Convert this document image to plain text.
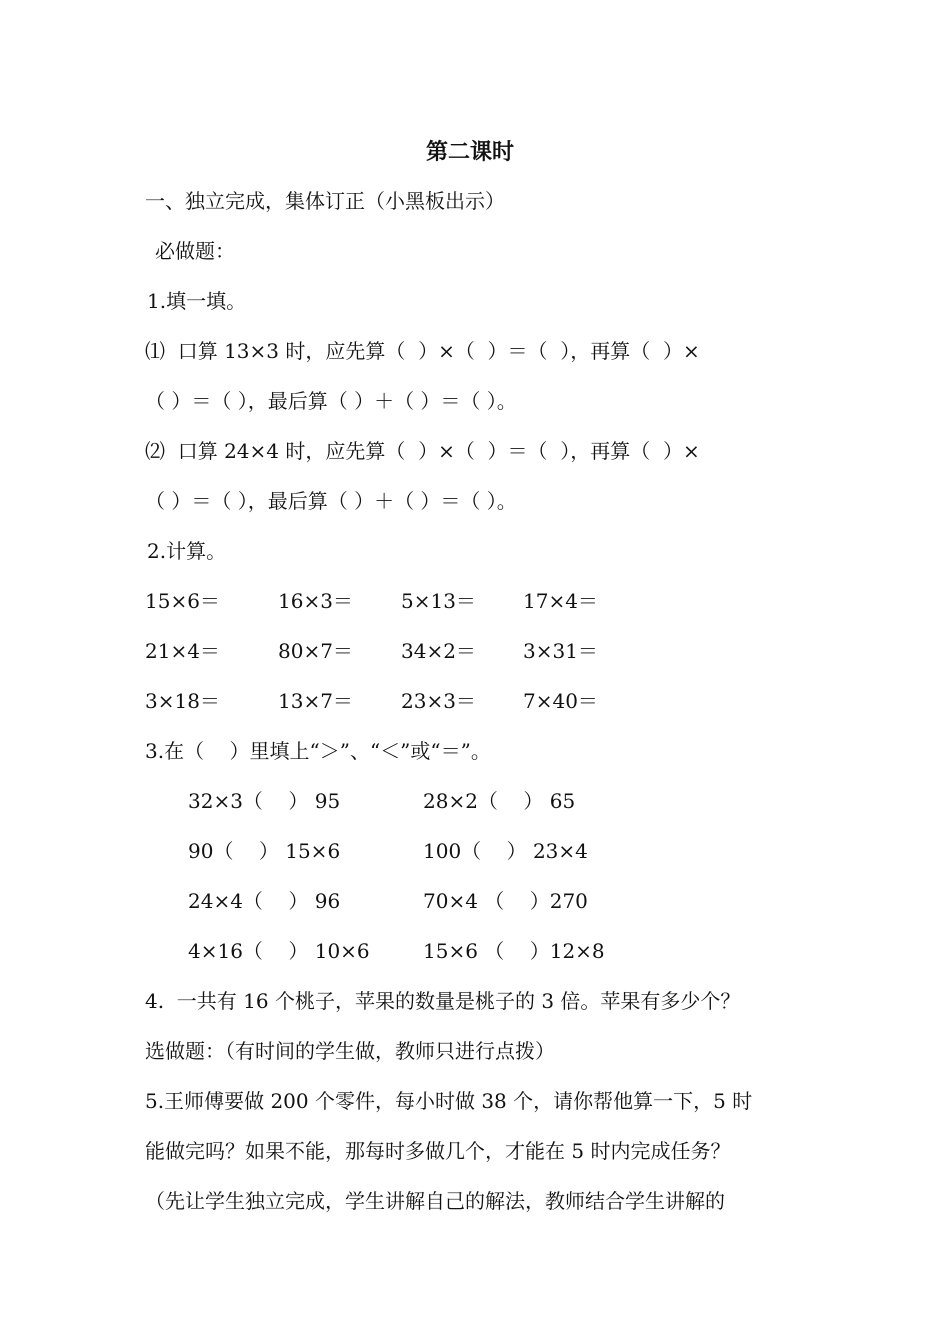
第二课时
一、独立完成，集体订正（小黑板出示）
必做题：
1.填一填。
⑴  口算 13×3 时，应先算（  ）×（  ）＝（  ），再算（  ）×
（ ）＝（ ），最后算（ ）＋（ ）＝（ ）。
⑵  口算 24×4 时，应先算（  ）×（  ）＝（  ），再算（  ）×
（ ）＝（ ），最后算（ ）＋（ ）＝（ ）。
2.计算。
15×6＝	16×3＝ 5×13＝ 17×4＝
21×4＝	80×7＝ 34×2＝ 3×31＝
3×18＝	13×7＝ 23×3＝ 7×40＝
3.在（    ）里填上“＞”、“＜”或“＝”。
32×3（    ） 95	28×2（    ） 65
90（    ） 15×6	100（    ） 23×4
24×4（    ） 96	70×4 （    ）270
4×16（    ） 10×6	15×6 （    ）12×8
4.  一共有 16 个桃子，苹果的数量是桃子的 3 倍。苹果有多少个？
选做题：（有时间的学生做，教师只进行点拨）
5.王师傅要做 200 个零件，每小时做 38 个，请你帮他算一下，5 时
能做完吗？如果不能，那每时多做几个，才能在 5 时内完成任务？
（先让学生独立完成，学生讲解自己的解法，教师结合学生讲解的
